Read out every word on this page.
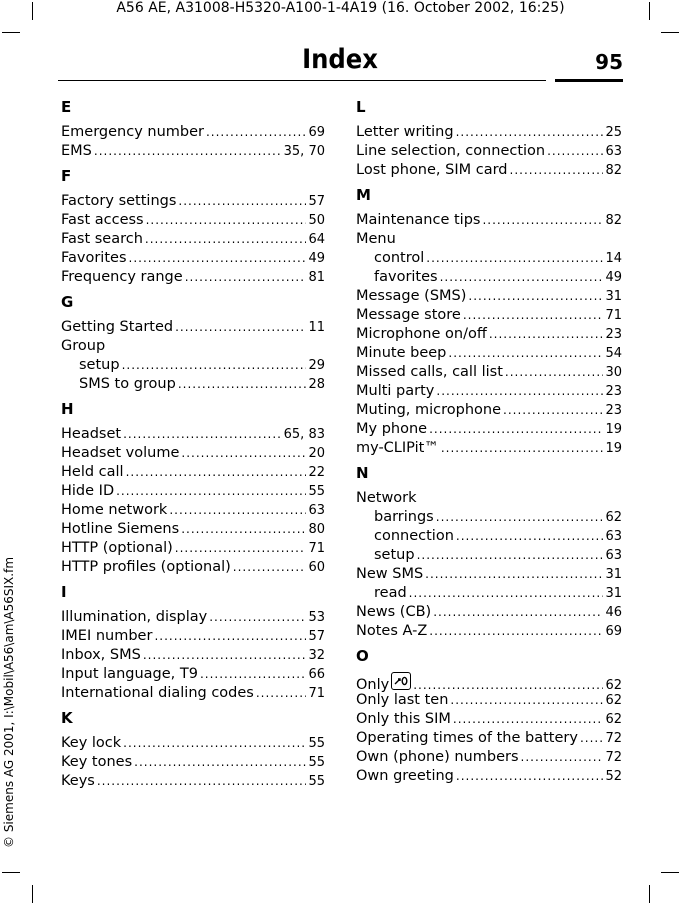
A56 AE, A31008-H5320-A100-1-4A19 (16. October 2002, 16:25)
© Siemens AG 2001, I:\Mobil\A56\am\A56SIX.fm
Index	95
E
Emergency number .....	69
EMS .....	35, 70
F
Factory settings .....	57
Fast access .....	50
Fast search .....	64
Favorites .....	49
Frequency range .....	81
G
Getting Started .....	11
Group
setup .....	29
SMS to group .....	28
H
Headset .....	65, 83
Headset volume .....	20
Held call .....	22
Hide ID .....	55
Home network .....	63
Hotline Siemens .....	80
HTTP (optional) .....	71
HTTP profiles (optional) .....	60
I
Illumination, display .....	53
IMEI number .....	57
Inbox, SMS .....	32
Input language, T9 .....	66
International dialing codes .....	71
K
Key lock .....	55
Key tones .....	55
Keys .....	55
L
Letter writing .....	25
Line selection, connection .....	63
Lost phone, SIM card .....	82
M
Maintenance tips .....	82
Menu
control .....	14
favorites .....	49
Message (SMS) .....	31
Message store .....	71
Microphone on/off .....	23
Minute beep .....	54
Missed calls, call list .....	30
Multi party .....	23
Muting, microphone .....	23
My phone .....	19
my-CLIPit™ .....	19
N
Network
barrings .....	62
connection .....	63
setup .....	63
New SMS .....	31
read .....	31
News (CB) .....	46
Notes A-Z .....	69
O
Only .....	62
Only last ten .....	62
Only this SIM .....	62
Operating times of the battery ..... 72
Own (phone) numbers .....	72
Own greeting .....	52
